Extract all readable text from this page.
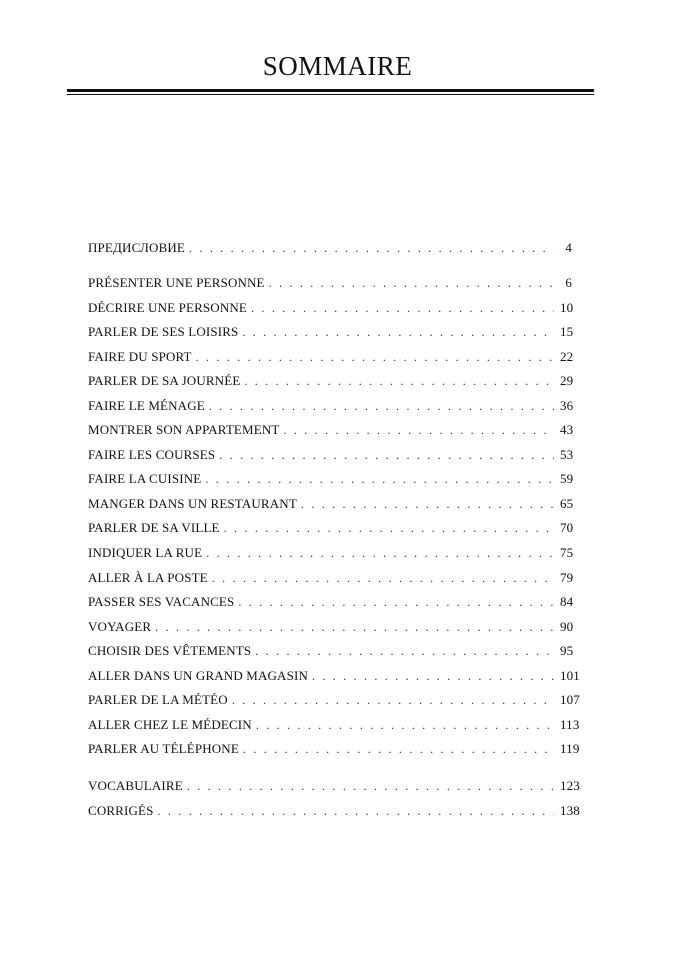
SOMMAIRE
ПРЕДИСЛОВИЕ . . .	4
PRÉSENTER UNE PERSONNE . . .	6
DÉCRIRE UNE PERSONNE . . .	10
PARLER DE SES LOISIRS . . .	15
FAIRE DU SPORT . . .	22
PARLER DE SA JOURNÉE . . .	29
FAIRE LE MÉNAGE . . .	36
MONTRER SON APPARTEMENT . . .	43
FAIRE LES COURSES . . .	53
FAIRE LA CUISINE . . .	59
MANGER DANS UN RESTAURANT . . .	65
PARLER DE SA VILLE . . .	70
INDIQUER LA RUE . . .	75
ALLER À LA POSTE . . .	79
PASSER SES VACANCES . . .	84
VOYAGER . . .	90
CHOISIR DES VÊTEMENTS . . .	95
ALLER DANS UN GRAND MAGASIN . . .	101
PARLER DE LA MÉTÉO . . .	107
ALLER CHEZ LE MÉDECIN . . .	113
PARLER AU TÉLÉPHONE . . .	119
VOCABULAIRE . . .	123
CORRIGÉS . . .	138
